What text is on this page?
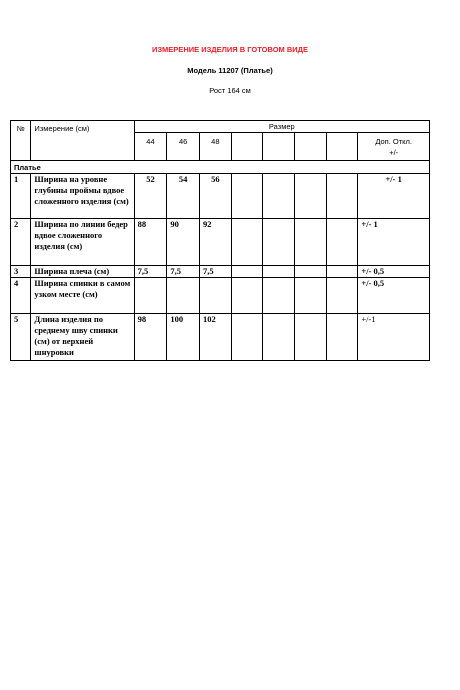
ИЗМЕРЕНИЕ ИЗДЕЛИЯ В ГОТОВОМ ВИДЕ
Модель 11207 (Платье)
Рост 164 см
№	Измерение (см)	Размер							
		44	46	48					Доп. Откл.
+/-

Платье									
1	Ширина на уровне глубины проймы вдвое сложенного изделия (см)	52	54	56					+/- 1
2	Ширина по линии бедер вдвое сложенного изделия (см)	88	90	92					+/- 1
3	Ширина плеча (см)	7,5	7,5	7,5					+/- 0,5
4	Ширина спинки в самом узком месте (см)								+/- 0,5
5	Длина изделия по среднему шву спинки (см) от верхней шнуровки	98	100	102					+/-1
